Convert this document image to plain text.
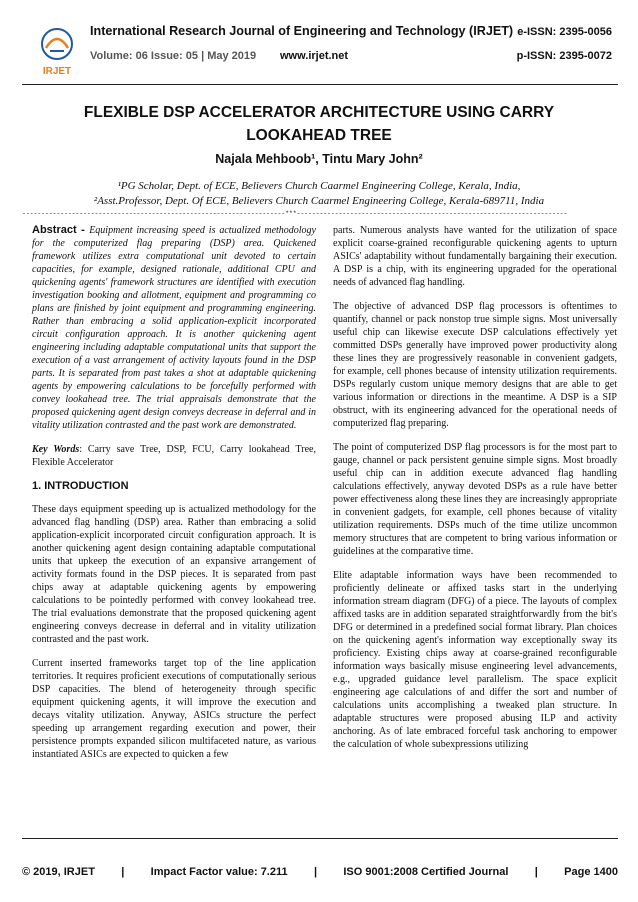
IRJET
International Research Journal of Engineering and Technology (IRJET) e-ISSN: 2395-0056
Volume: 06 Issue: 05 | May 2019 www.irjet.net	p-ISSN: 2395-0072
FLEXIBLE DSP ACCELERATOR ARCHITECTURE USING CARRY
LOOKAHEAD TREE
Najala Mehboob¹, Tintu Mary John²
¹PG Scholar, Dept. of ECE, Believers Church Caarmel Engineering College, Kerala, India,
²Asst.Professor, Dept. Of ECE, Believers Church Caarmel Engineering College, Kerala-689711, India
---------------------------------------------------------------------***-----------------------------------------------------------------------

Abstract - Equipment increasing speed is actualized methodology for the computerized flag preparing (DSP) area. Quickened framework utilizes extra computational unit devoted to certain capacities, for example, designed rationale, additional CPU and quickening agents' framework structures are identified with execution investigation booking and allotment, equipment and programming co plans are finished by joint equipment and programming engineering. Rather than embracing a solid application-explicit incorporated circuit configuration approach. It is another quickening agent engineering including adaptable computational units that support the execution of a vast arrangement of activity layouts found in the DSP parts. It is separated from past takes a shot at adaptable quickening agents by empowering calculations to be forcefully performed with convey lookahead tree. The trial appraisals demonstrate that the proposed quickening agent design conveys decrease in deferral and in vitality utilization contrasted and the past work are demonstrated.

Key Words: Carry save Tree, DSP, FCU, Carry lookahead Tree, Flexible Accelerator

1. INTRODUCTION

These days equipment speeding up is actualized methodology for the advanced flag handling (DSP) area. Rather than embracing a solid application-explicit incorporated circuit configuration approach. It is another quickening agent design containing adaptable computational units that upkeep the execution of an expansive arrangement of activity formats found in the DSP pieces. It is separated from past chips away at adaptable quickening agents by empowering calculations to be pointedly performed with convey lookahead tree. The trial evaluations demonstrate that the proposed quickening agent engineering conveys decrease in deferral and in vitality utilization contrasted and the past work.

Current inserted frameworks target top of the line application territories. It requires proficient executions of computationally serious DSP capacities. The blend of heterogeneity through specific equipment quickening agents, it will improve the execution and decays vitality utilization. Anyway, ASICs structure the perfect speeding up arrangement regarding execution and power, their persistence prompts expanded silicon multifaceted nature, as various instantiated ASICs are expected to quicken a few

parts. Numerous analysts have wanted for the utilization of space explicit coarse-grained reconfigurable quickening agents to upturn ASICs' adaptability without fundamentally bargaining their execution. A DSP is a chip, with its engineering upgraded for the operational needs of advanced flag handling.

The objective of advanced DSP flag processors is oftentimes to quantify, channel or pack nonstop true simple signs. Most universally useful chip can likewise execute DSP calculations effectively yet committed DSPs generally have improved power productivity along these lines they are progressively reasonable in convenient gadgets, for example, cell phones because of intensity utilization requirements. DSPs regularly custom unique memory designs that are able to get various information or directions in the meantime. A DSP is a SIP obstruct, with its engineering advanced for the operational needs of computerized flag preparing.

The point of computerized DSP flag processors is for the most part to gauge, channel or pack persistent genuine simple signs. Most broadly useful chip can in addition execute advanced flag handling calculations effectively, anyway devoted DSPs as a rule have better power effectiveness along these lines they are increasingly appropriate in convenient gadgets, for example, cell phones because of vitality utilization requirements. DSPs much of the time utilize uncommon memory structures that are competent to bring various information or guidelines at the comparative time.

Elite adaptable information ways have been recommended to proficiently delineate or affixed tasks start in the underlying information stream diagram (DFG) of a piece. The layouts of complex affixed tasks are in addition separated straightforwardly from the bit's DFG or determined in a predefined social format library. Plan choices on the quickening agent's information way exceptionally sway its proficiency. Existing chips away at coarse-grained reconfigurable information ways basically misuse engineering level advancements, e.g., upgraded guidance level parallelism. The space explicit engineering age calculations of and differ the sort and number of calculations units accomplishing a tweaked plan structure. In adaptable structures were proposed abusing ILP and activity anchoring. As of late embraced forceful task anchoring to empower the calculation of whole subexpressions utilizing

© 2019, IRJET | Impact Factor value: 7.211 | ISO 9001:2008 Certified Journal | Page 1400
